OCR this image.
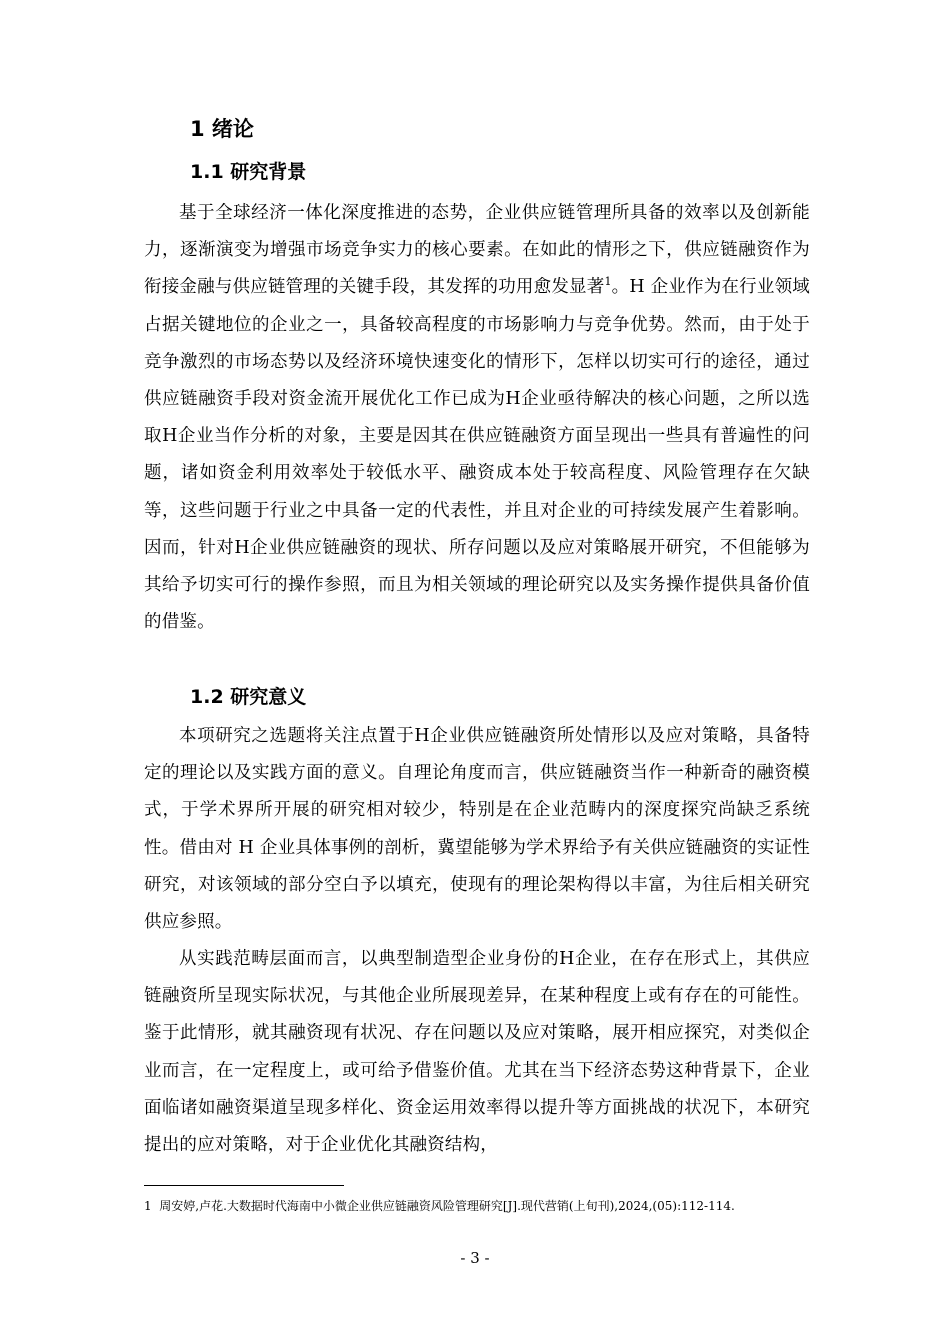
1 绪论
1.1 研究背景

基于全球经济一体化深度推进的态势，企业供应链管理所具备的效率以及创新能力，逐渐演变为增强市场竞争实力的核心要素。在如此的情形之下，供应链融资作为衔接金融与供应链管理的关键手段，其发挥的功用愈发显著$^1$。H 企业作为在行业领域占据关键地位的企业之一，具备较高程度的市场影响力与竞争优势。然而，由于处于竞争激烈的市场态势以及经济环境快速变化的情形下，怎样以切实可行的途径，通过供应链融资手段对资金流开展优化工作已成为H企业亟待解决的核心问题，之所以选取H企业当作分析的对象，主要是因其在供应链融资方面呈现出一些具有普遍性的问题，诸如资金利用效率处于较低水平、融资成本处于较高程度、风险管理存在欠缺等，这些问题于行业之中具备一定的代表性，并且对企业的可持续发展产生着影响。因而，针对H企业供应链融资的现状、所存问题以及应对策略展开研究，不但能够为其给予切实可行的操作参照，而且为相关领域的理论研究以及实务操作提供具备价值的借鉴。

1.2 研究意义

本项研究之选题将关注点置于H企业供应链融资所处情形以及应对策略，具备特定的理论以及实践方面的意义。自理论角度而言，供应链融资当作一种新奇的融资模式，于学术界所开展的研究相对较少，特别是在企业范畴内的深度探究尚缺乏系统性。借由对 H 企业具体事例的剖析，冀望能够为学术界给予有关供应链融资的实证性研究，对该领域的部分空白予以填充，使现有的理论架构得以丰富，为往后相关研究供应参照。

从实践范畴层面而言，以典型制造型企业身份的H企业，在存在形式上，其供应链融资所呈现实际状况，与其他企业所展现差异，在某种程度上或有存在的可能性。鉴于此情形，就其融资现有状况、存在问题以及应对策略，展开相应探究，对类似企业而言，在一定程度上，或可给予借鉴价值。尤其在当下经济态势这种背景下，企业面临诸如融资渠道呈现多样化、资金运用效率得以提升等方面挑战的状况下，本研究提出的应对策略，对于企业优化其融资结构，

1 周安婷,卢花.大数据时代海南中小微企业供应链融资风险管理研究[J].现代营销(上旬刊),2024,(05):112-114.

- 3 -
